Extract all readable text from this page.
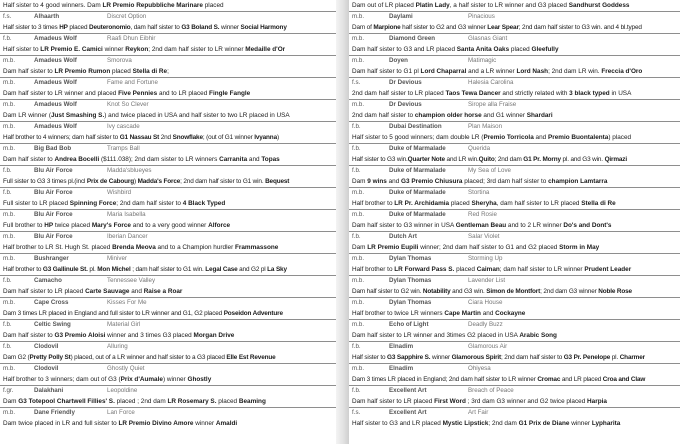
Half sister to 4 good winners. Dam LR Premio Repubbliche Marinare placed
f.s.	Alhaarth	Discret Option
Half sister to 3 times HP placed Deuteronomio, dam half sister to G3 Boland S. winner Social Harmony
f.b.	Amadeus Wolf	Raafi Dhun Eibhir
Half sister to LR Premio E. Camici winner Reykon; 2nd dam half sister to LR winner Medaille d'Or
m.b.	Amadeus Wolf	Smorova
Dam half sister to LR Premio Rumon placed Stella di Re;
m.b.	Amadeus Wolf	Fame and Fortune
Dam half sister to LR winner and placed Five Pennies and to LR placed Fingle Fangle
m.b.	Amadeus Wolf	Knot So Clever
Dam LR winner (Just Smashing S.) and twice placed in USA and half sister to two LR placed in USA
m.b.	Amadeus Wolf	Ivy cascade
Half brother to 4 winners; dam half sister to G1 Nassau St 2nd Snowflake; (out of G1 winner Ivyanna)
m.b.	Big Bad Bob	Tramps Ball
Dam half sister to Andrea Bocelli ($111.038); 2nd dam sister to LR winners Carranita and Topas
f.b.	Blu Air Force	Madda'sblueyes
Full sister to G3 3 times pl.(incl Prix de Cabourg) Madda's Force; 2nd dam half sister to G1 win. Bequest
f.b.	Blu Air Force	Wishbird
Full sister to LR placed Spinning Force; 2nd dam half sister to 4 Black Typed
m.b.	Blu Air Force	Maria Isabella
Full brother to HP twice placed Mary's Force and to a very good winner Alforce
m.b.	Blu Air Force	Iberian Dancer
Half brother to LR St. Hugh St. placed Brenda Meova and to a Champion hurdler Frammassone
m.b.	Bushranger	Miniver
Half brother to G3 Gallinule St. pl. Mon Michel ; dam half sister to G1 win. Legal Case and G2 pl La Sky
f.b.	Camacho	Tennessee Valley
Dam half sister to LR placed Carte Sauvage and Raise a Roar
m.b.	Cape Cross	Kisses For Me
Dam 3 times LR placed in England and full sister to LR winner and G1, G2 placed Poseidon Adventure
f.b.	Celtic Swing	Material Girl
Dam half sister to G3 Premio Aloisi winner and 3 times G3 placed Morgan Drive
f.b.	Clodovil	Alluring
Dam G2 (Pretty Polly St) placed, out of a LR winner and half sister to a G3 placed Elle Est Revenue
m.b.	Clodovil	Ghostly Quiet
Half brother to 3 winners; dam out of G3 (Prix d'Aumale) winner Ghostly
f.gr.	Dalakhani	Leopoldine
Dam G3 Totepool Chartwell Fillies' S. placed ; 2nd dam LR Rosemary S. placed Beaming
m.b.	Dane Friendly	Lan Force
Dam twice placed in LR and full sister to LR Premio Divino Amore winner Amaldi
Dam out of LR placed Platin Lady, a half sister to LR winner and G3 placed Sandhurst Goddess
m.b.	Daylami	Pinacious
Dam of Marpione half sister to G2 and G3 winner Lear Spear; 2nd dam half sister to G3 win. and 4 bl.typed
m.b.	Diamond Green	Glasnas Giant
Dam half sister to G3 and LR placed Santa Anita Oaks placed Gleefully
m.b.	Doyen	Matimagic
Dam half sister to G1 pl Lord Chaparral and a LR winner Lord Nash; 2nd dam LR win. Freccia d'Oro
f.s.	Dr Devious	Halesia Carolina
2nd dam half sister to LR placed Taos Tewa Dancer and strictly related with 3 black typed in USA
m.b.	Dr Devious	Sirope alla Fraise
2nd dam half sister to champion older horse and G1 winner Shardari
f.b.	Dubai Destination	Plan Maison
Half sister to 5 good winners; dam double LR (Premio Torricola and Premio Buontalenta) placed
f.b.	Duke of Marmalade	Querida
Half sister to G3 win.Quarter Note and LR win.Quito; 2nd dam G1 Pr. Morny pl. and G3 win. Qirmazi
f.b.	Duke of Marmalade	My Sea of Love
Dam 9 wins and G3 Premio Chiusura placed; 3rd dam half sister to champion Lamtarra
m.b.	Duke of Marmalade	Stortina
Half brother to LR Pr. Archidamia placed Sheryha, dam half sister to LR placed Stella di Re
m.b.	Duke of Marmalade	Red Rosie
Dam half sister to G3 winner in USA Gentleman Beau and to 2 LR winner Do's and Dont's
f.b.	Dutch Art	Salar Violet
Dam LR Premio Eupili winner; 2nd dam half sister to G1 and G2 placed Storm in May
m.b.	Dylan Thomas	Storming Up
Half brother to LR Forward Pass S. placed Caiman; dam half sister to LR winner Prudent Leader
m.b.	Dylan Thomas	Lavender List
Dam half sister to G2 win. Notability and G3 win. Simon de Montfort; 2nd dam G3 winner Noble Rose
m.b.	Dylan Thomas	Ciara House
Half brother to twice LR winners Cape Martin and Cockayne
m.b.	Echo of Light	Deadly Buzz
Dam half sister to LR winner and 3times G2 placed in USA Arabic Song
f.b.	Elnadim	Glamorous Air
Half sister to G3 Sapphire S. winner Glamorous Spirit; 2nd dam half sister to G3 Pr. Penelope pl. Charmer
m.b.	Elnadim	Ohiyesa
Dam 3 times LR placed in England; 2nd dam half sister to LR winner Cromac and LR placed Croa and Claw
f.b.	Excellent Art	Breach of Peace
Dam half sister to LR placed First Word ; 3rd dam G3 winner and G2 twice placed Harpia
f.s.	Excellent Art	Art Fair
Half sister to G3 and LR placed Mystic Lipstick; 2nd dam G1 Prix de Diane winner Lypharita
